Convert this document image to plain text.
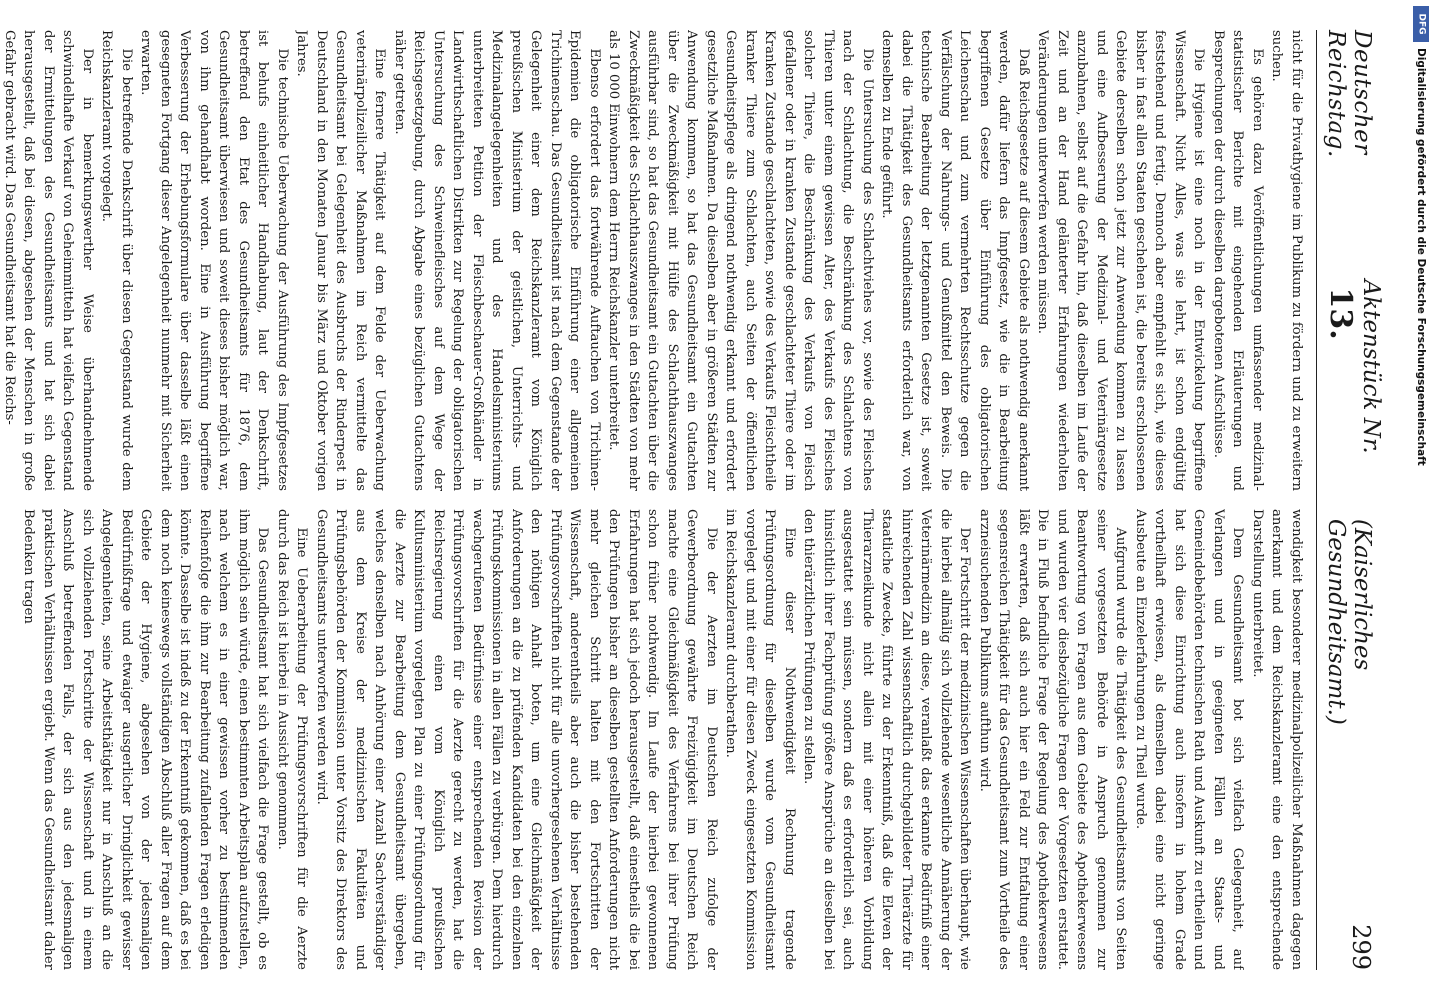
Deutscher Reichstag.
Aktenstück Nr. 13.
(Kaiserliches Gesundheitsamt.)
299

nicht für die Privathygiene im Publikum zu fördern und zu erweitern suchen.

Es gehören dazu Veröffentlichungen umfassender medizinal-statistischer Berichte mit eingehenden Erläuterungen und Besprechungen der durch dieselben dargebotenen Aufschlüsse.

Die Hygiene ist eine noch in der Entwickelung begriffene Wissenschaft. Nicht Alles, was sie lehrt, ist schon endgültig feststehend und fertig. Dennoch aber empfiehlt es sich, wie dieses bisher in fast allen Staaten geschehen ist, die bereits erschlossenen Gebiete derselben schon jetzt zur Anwendung kommen zu lassen und eine Aufbesserung der Medizinal- und Veterinärgesetze anzubahnen, selbst auf die Gefahr hin, daß dieselben im Laufe der Zeit und an der Hand gelänterter Erfahrungen wiederholten Veränderungen unterworfen werden müssen.

Daß Reichsgesetze auf diesem Gebiete als nothwendig anerkannt werden, dafür liefern das Impfgesetz, wie die in Bearbeitung begriffenen Gesetze über Einführung des obligatorischen Leichenschau und zum vermehrten Rechtsschutze gegen die Verfälschung der Nahrungs- und Genußmittel den Beweis. Die technische Bearbeitung der letztgenannten Gesetze ist, soweit dabei die Thätigkeit des Gesundheitsamts erforderlich war, von demselben zu Ende geführt.

Die Untersuchung des Schlachtviehes vor, sowie des Fleisches nach der Schlachtung, die Beschränkung des Schlachtens von Thieren unter einem gewissen Alter, des Verkaufs des Fleisches solcher Thiere, die Beschränkung des Verkaufs von Fleisch gefallener oder in kranken Zustande geschlachteter Thiere oder im Kranken Zustande geschlachteten, sowie des Verkaufs Fleischtheile kranker Thiere zum Schlachten, auch Seiten der öffentlichen Gesundheitspflege als dringend nothwendig erkannt und erfordert gesetzliche Maßnahmen. Da dieselben aber in größeren Städten zur Anwendung kommen, so hat das Gesundheitsamt ein Gutachten über die Zweckmäßigkeit mit Hülfe des Schlachthauszwanges ausführbar sind, so hat das Gesundheitsamt ein Gutachten über die Zweckmäßigkeit des Schlachthauszwanges in den Städten von mehr als 10 000 Einwohnern dem Herrn Reichskanzler unterbreitet.

Ebenso erfordert das fortwährende Auftauchen von Trichinen-Epidemien die obligatorische Einführung einer allgemeinen Trichinenschau. Das Gesundheitsamt ist nach dem Gegenstande der Gelegenheit einer dem Reichskanzleramt vom Königlich preußischen Ministerium der geistlichen, Unterrichts- und Medizinalangelegenheiten und des Handelsministeriums unterbreiteten Petition der Fleischbeschauer-Großhändler in Landwirthschaftlichen Distrikten zur Regelung der obligatorischen Untersuchung des Schweinefleisches auf dem Wege der Reichsgesetzgebung, durch Abgabe eines bezüglichen Gutachtens näher getreten.

Eine fernere Thätigkeit auf dem Felde der Ueberwachung veterinärpolizeilicher Maßnahmen im Reich vermittelte das Gesundheitsamt bei Gelegenheit des Ausbruchs der Rinderpest in Deutschland in den Monaten Januar bis März und Oktober vorigen Jahres.

Die technische Ueberwachung der Ausführung des Impfgesetzes ist behufs einheitlicher Handhabung, laut der Denkschrift, betreffend den Etat des Gesundheitsamts für 1876, dem Gesundheitsamt überwiesen und soweit dieses bisher möglich war, von ihm gehandhabt worden. Eine in Ausführung begriffene Verbesserung der Erhebungsformulare über dasselbe läßt einen gesegneten Fortgang dieser Angelegenheit nunmehr mit Sicherheit erwarten.

Die betreffende Denkschrift über diesen Gegenstand wurde dem Reichskanzleramt vorgelegt.

Der in bemerkungswerther Weise überhandnehmende schwindelhafte Verkauf von Geheimmitteln hat vielfach Gegenstand der Ermittelungen des Gesundheitsamts und hat sich dabei herausgestellt, daß bei diesen, abgesehen der Menschen in große Gefahr gebracht wird. Das Gesundheitsamt hat die Reichs-

wendigkeit besonderer medizinalpolizeilicher Maßnahmen dagegen anerkannt und dem Reichskanzleramt eine den entsprechende Darstellung unterbreitet.

Dem Gesundheitsamt bot sich vielfach Gelegenheit, auf Verlangen und in geeigneten Fällen an Staats- und Gemeindebehörden technischen Rath und Auskunft zu ertheilen und hat sich diese Einrichtung auch insofern in hohem Grade vortheilhaft erwiesen, als demselben dabei eine nicht geringe Ausbeute an Einzelerfahrungen zu Theil wurde.

Aufgrund wurde die Thätigkeit des Gesundheitsamts von Seiten seiner vorgesetzten Behörde in Anspruch genommen zur Beantwortung von Fragen aus dem Gebiete des Apothekerwesens und wurden vier diesbezügliche Fragen der Vorgesetzten erstattet. Die in Fluß befindliche Frage der Regelung des Apothekerwesens läßt erwarten, daß sich auch hier ein Feld zur Entfaltung einer segensreichen Thätigkeit für das Gesundheitsamt zum Vortheile des arzneisuchenden Publikums aufthun wird.

Der Fortschritt der medizinischen Wissenschaften überhaupt, wie die hierbei allmälig sich vollziehende wesentliche Annäherung der Veterinärmedizin an diese, veranlaßt das erkannte Bedürfniß einer hinreichenden Zahl wissenschaftlich durchgebildeter Thierärzte für staatliche Zwecke, führte zu der Erkenntniß, daß die Eleven der Thierarzneikunde nicht allein mit einer höheren Vorbildung ausgestattet sein müssen, sondern daß es erforderlich sei, auch hinsichtlich ihrer Fachprüfung größere Ansprüche an dieselben bei den thierärztlichen Prüfungen zu stellen.

Eine dieser Nothwendigkeit Rechnung tragende Prüfungsordnung für dieselben wurde vom Gesundheitsamt vorgelegt und mit einer für diesen Zweck eingesetzten Kommission im Reichskanzleramt durchberathen.

Die der Aerzten im Deutschen Reich zufolge der Gewerbeordnung gewährte Freizügigkeit im Deutschen Reich machte eine Gleichmäßigkeit des Verfahrens bei ihrer Prüfung schon früher nothwendig. Im Laufe der hierbei gewonnenen Erfahrungen hat sich jedoch herausgestellt, daß einestheils die bei den Prüfungen bisher an dieselben gestellten Anforderungen nicht mehr gleichen Schritt halten mit den Fortschritten der Wissenschaft, anderentheils aber auch die bisher bestehenden Prüfungsvorschriften nicht für alle unvorhergesehenen Verhältnisse den nöthigen Anhalt boten, um eine Gleichmäßigkeit der Anforderungen an die zu prüfenden Kandidaten bei den einzelnen Prüfungskommissionen in allen Fällen zu verbürgen. Dem hierdurch wachgerufenen Bedürfnisse einer entsprechenden Revision der Prüfungsvorschriften für die Aerzte gerecht zu werden, hat die Reichsregierung einen vom Königlich preußischen Kultusministerium vorgelegten Plan zu einer Prüfungsordnung für die Aerzte zur Bearbeitung dem Gesundheitsamt übergeben, welches denselben nach Anhörung einer Anzahl Sachverständiger aus dem Kreise der medizinischen Fakultäten und Prüfungsbehörden der Kommission unter Vorsitz des Direktors des Gesundheitsamts unterworfen werden wird.

Eine Ueberarbeitung der Prüfungsvorschriften für die Aerzte durch das Reich ist hierbei in Aussicht genommen.

Das Gesundheitsamt hat sich vielfach die Frage gestellt, ob es ihm möglich sein würde, einen bestimmten Arbeitsplan aufzustellen, nach welchem es in einer gewissen vorher zu bestimmenden Reihenfolge die ihm zur Bearbeitung zufallenden Fragen erledigen könnte. Dasselbe ist indeß zu der Erkenntniß gekommen, daß es bei dem noch keineswegs vollständigen Abschluß aller Fragen auf dem Gebiete der Hygiene, abgesehen von der jedesmaligen Bedürfnißfrage und etwaiger ausgerlicher Dringlichkeit gewisser Angelegenheiten, seine Arbeitsthätigkeit nur in Anschluß an die sich vollziehenden Fortschritte der Wissenschaft und in einem Anschluß betreffenden Falls, der sich aus den jedesmaligen praktischen Verhältnissen ergiebt. Wenn das Gesundheitsamt daher Bedenken tragen

DFG
Digitalisierung gefördert durch die Deutsche Forschungsgemeinschaft
